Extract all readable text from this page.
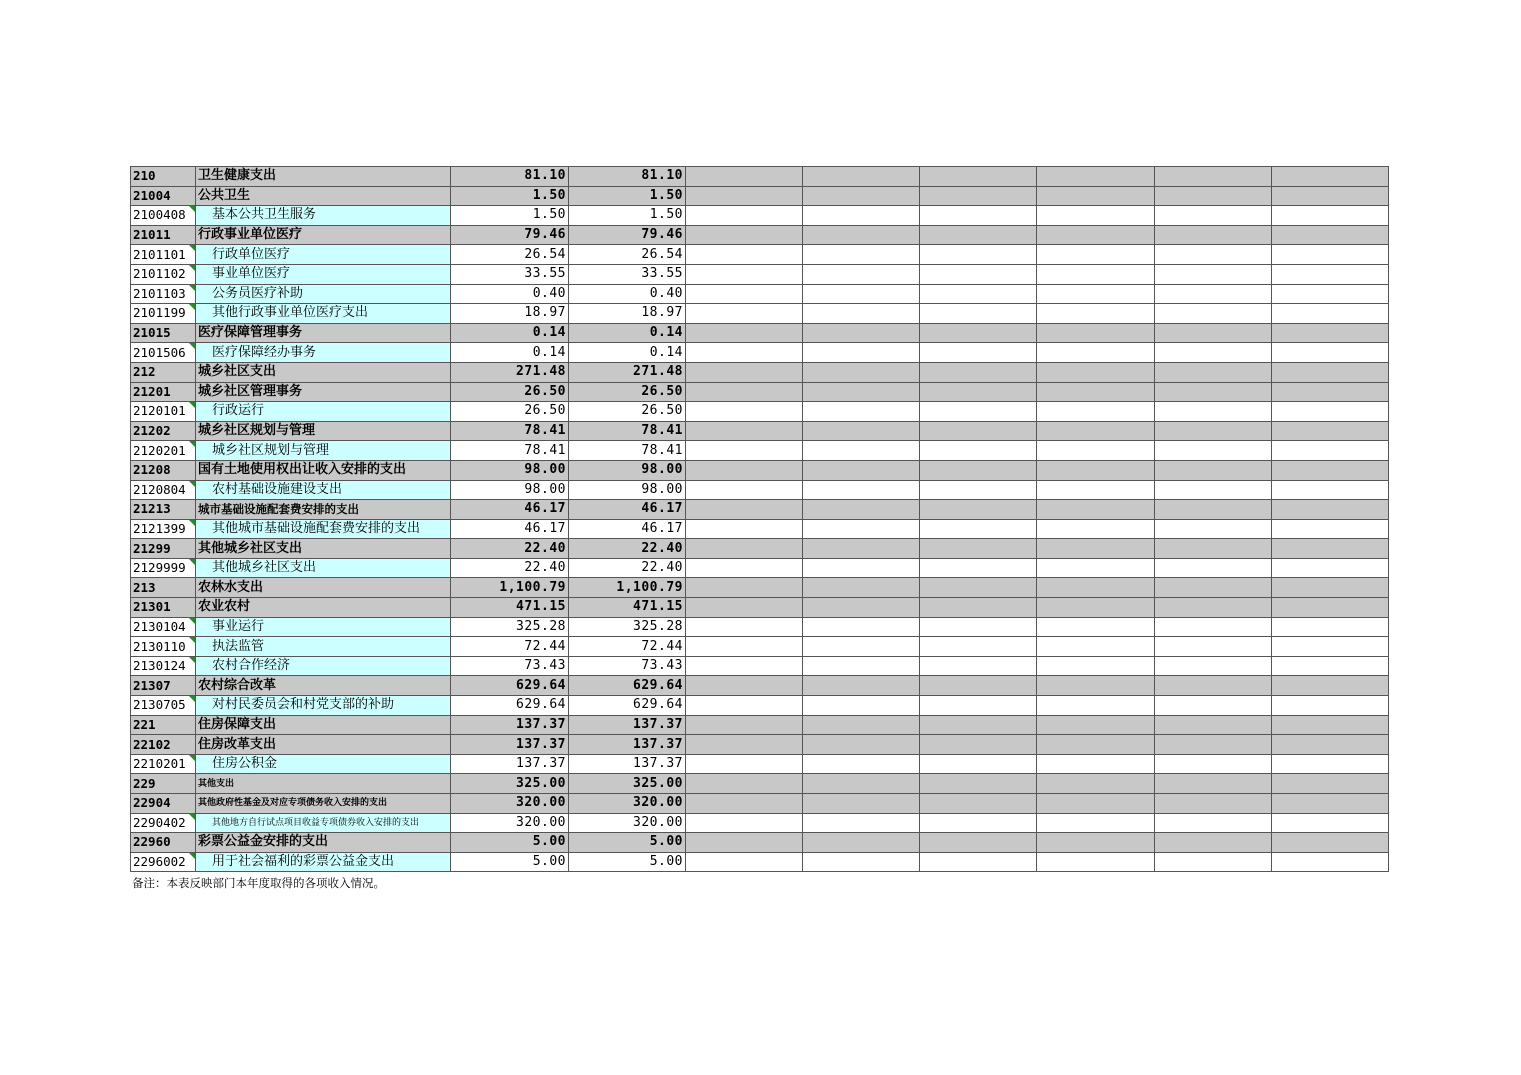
210	卫生健康支出	81.10	81.10						
21004	公共卫生	1.50	1.50						
2100408	基本公共卫生服务	1.50	1.50						
21011	行政事业单位医疗	79.46	79.46						
2101101	行政单位医疗	26.54	26.54						
2101102	事业单位医疗	33.55	33.55						
2101103	公务员医疗补助	0.40	0.40						
2101199	其他行政事业单位医疗支出	18.97	18.97						
21015	医疗保障管理事务	0.14	0.14						
2101506	医疗保障经办事务	0.14	0.14						
212	城乡社区支出	271.48	271.48						
21201	城乡社区管理事务	26.50	26.50						
2120101	行政运行	26.50	26.50						
21202	城乡社区规划与管理	78.41	78.41						
2120201	城乡社区规划与管理	78.41	78.41						
21208	国有土地使用权出让收入安排的支出	98.00	98.00						
2120804	农村基础设施建设支出	98.00	98.00						
21213	城市基础设施配套费安排的支出	46.17	46.17						
2121399	其他城市基础设施配套费安排的支出	46.17	46.17						
21299	其他城乡社区支出	22.40	22.40						
2129999	其他城乡社区支出	22.40	22.40						
213	农林水支出	1,100.79	1,100.79						
21301	农业农村	471.15	471.15						
2130104	事业运行	325.28	325.28						
2130110	执法监管	72.44	72.44						
2130124	农村合作经济	73.43	73.43						
21307	农村综合改革	629.64	629.64						
2130705	对村民委员会和村党支部的补助	629.64	629.64						
221	住房保障支出	137.37	137.37						
22102	住房改革支出	137.37	137.37						
2210201	住房公积金	137.37	137.37						
229	其他支出	325.00	325.00						
22904	其他政府性基金及对应专项债务收入安排的支出	320.00	320.00						
2290402	其他地方自行试点项目收益专项债券收入安排的支出	320.00	320.00						
22960	彩票公益金安排的支出	5.00	5.00						
2296002	用于社会福利的彩票公益金支出	5.00	5.00						
备注：本表反映部门本年度取得的各项收入情况。
